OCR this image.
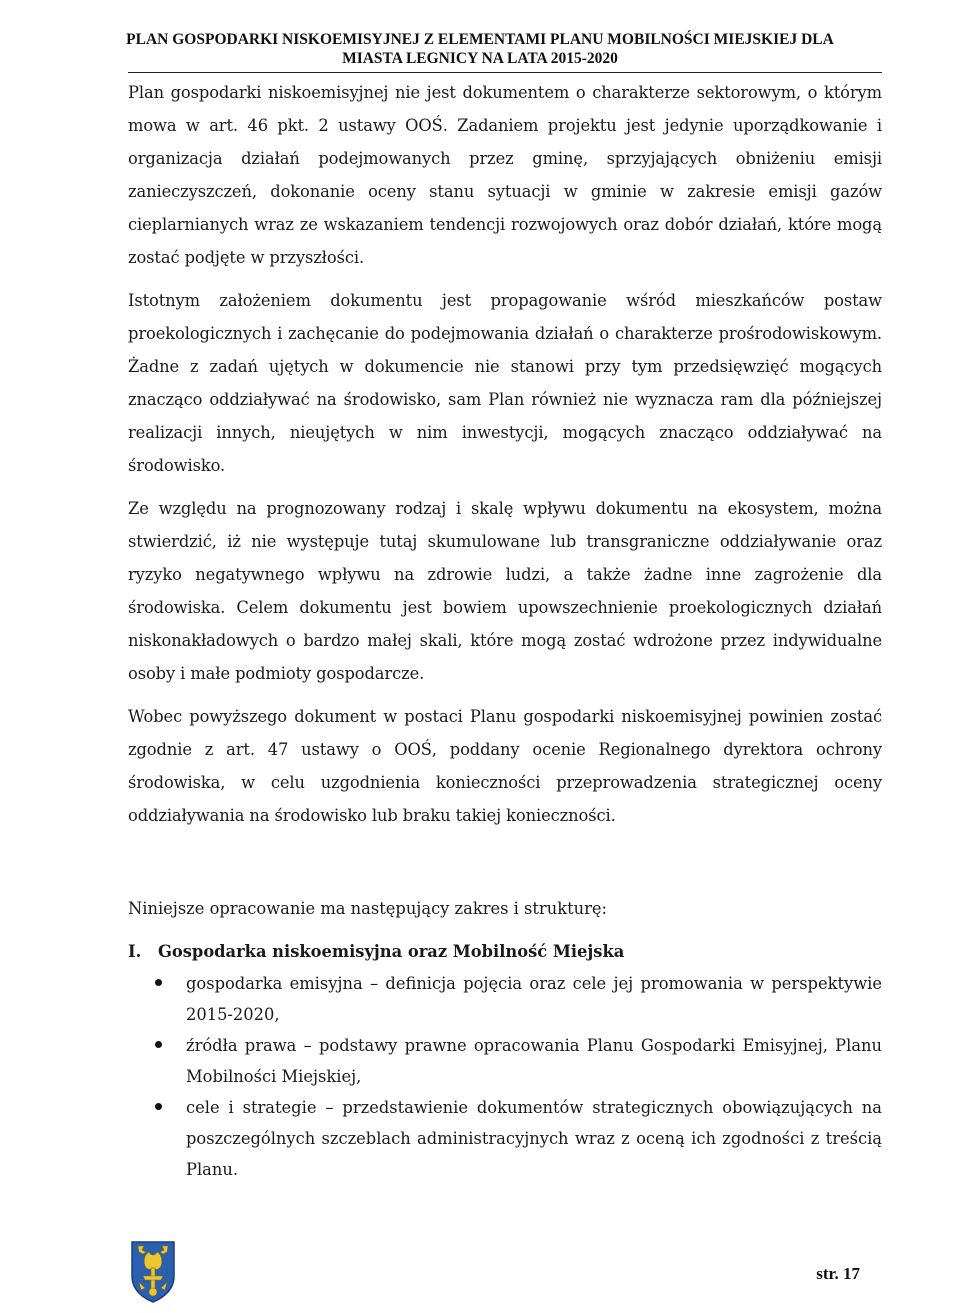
PLAN GOSPODARKI NISKOEMISYJNEJ Z ELEMENTAMI PLANU MOBILNOŚCI MIEJSKIEJ DLA
MIASTA LEGNICY NA LATA 2015-2020

Plan gospodarki niskoemisyjnej nie jest dokumentem o charakterze sektorowym, o którym mowa w art. 46 pkt. 2 ustawy OOŚ. Zadaniem projektu jest jedynie uporządkowanie i organizacja działań podejmowanych przez gminę, sprzyjających obniżeniu emisji zanieczyszczeń, dokonanie oceny stanu sytuacji w gminie w zakresie emisji gazów cieplarnianych wraz ze wskazaniem tendencji rozwojowych oraz dobór działań, które mogą zostać podjęte w przyszłości.

Istotnym założeniem dokumentu jest propagowanie wśród mieszkańców postaw proekologicznych i zachęcanie do podejmowania działań o charakterze prośrodowiskowym. Żadne z zadań ujętych w dokumencie nie stanowi przy tym przedsięwzięć mogących znacząco oddziaływać na środowisko, sam Plan również nie wyznacza ram dla późniejszej realizacji innych, nieujętych w nim inwestycji, mogących znacząco oddziaływać na środowisko.

Ze względu na prognozowany rodzaj i skalę wpływu dokumentu na ekosystem, można stwierdzić, iż nie występuje tutaj skumulowane lub transgraniczne oddziaływanie oraz ryzyko negatywnego wpływu na zdrowie ludzi, a także żadne inne zagrożenie dla środowiska. Celem dokumentu jest bowiem upowszechnienie proekologicznych działań niskonakładowych o bardzo małej skali, które mogą zostać wdrożone przez indywidualne osoby i małe podmioty gospodarcze.

Wobec powyższego dokument w postaci Planu gospodarki niskoemisyjnej powinien zostać zgodnie z art. 47 ustawy o OOŚ, poddany ocenie Regionalnego dyrektora ochrony środowiska, w celu uzgodnienia konieczności przeprowadzenia strategicznej oceny oddziaływania na środowisko lub braku takiej konieczności.

Niniejsze opracowanie ma następujący zakres i strukturę:

I.	Gospodarka niskoemisyjna oraz Mobilność Miejska
gospodarka emisyjna – definicja pojęcia oraz cele jej promowania w perspektywie 2015-2020,
źródła prawa – podstawy prawne opracowania Planu Gospodarki Emisyjnej, Planu Mobilności Miejskiej,
cele i strategie – przedstawienie dokumentów strategicznych obowiązujących na poszczególnych szczeblach administracyjnych wraz z oceną ich zgodności z treścią Planu.
str. 17
